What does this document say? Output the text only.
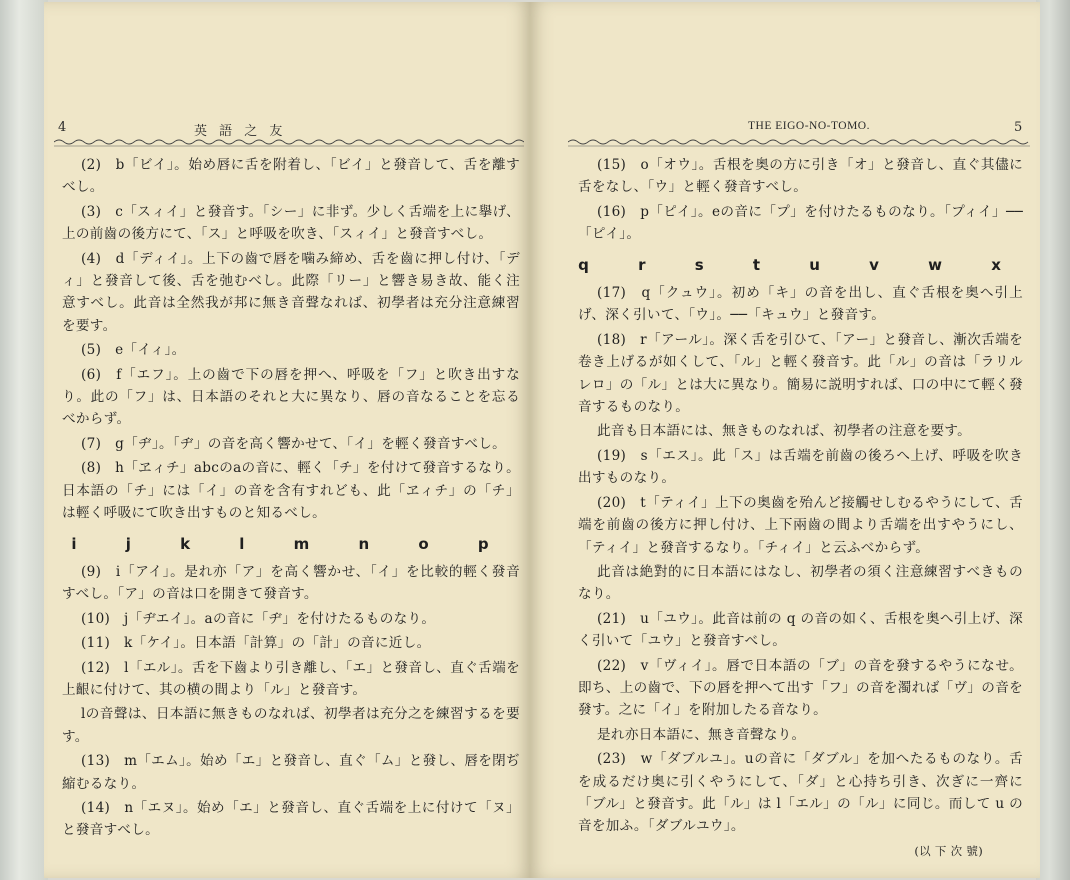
4	英 語 之 友

(2)　b「ビイ」。始め唇に舌を附着し、「ビイ」と發音して、舌を離すべし。

(3)　c「スィイ」と發音す。「シー」に非ず。少しく舌端を上に擧げ、上の前齒の後方にて、「ス」と呼吸を吹き、「スィイ」と發音すべし。

(4)　d「ディイ」。上下の齒で唇を噛み締め、舌を齒に押し付け、「ディ」と發音して後、舌を弛むべし。此際「リー」と響き易き故、能く注意すべし。此音は全然我が邦に無き音聲なれば、初學者は充分注意練習を要す。

(5)　e「イィ」。

(6)　f「エフ」。上の齒で下の唇を押へ、呼吸を「フ」と吹き出すなり。此の「フ」は、日本語のそれと大に異なり、唇の音なることを忘るべからず。

(7)　g「ヂ」。「ヂ」の音を高く響かせて、「イ」を輕く發音すべし。

(8)　h「ヱィチ」abcのaの音に、輕く「チ」を付けて發音するなり。日本語の「チ」には「イ」の音を含有すれども、此「ヱィチ」の「チ」は輕く呼吸にて吹き出すものと知るべし。

i j k l m n o p

(9)　i「アイ」。是れ亦「ア」を高く響かせ、「イ」を比較的輕く發音すべし。「ア」の音は口を開きて發音す。

(10)　j「ヂエイ」。aの音に「ヂ」を付けたるものなり。

(11)　k「ケイ」。日本語「計算」の「計」の音に近し。

(12)　l「エル」。舌を下齒より引き離し、「エ」と發音し、直ぐ舌端を上齦に付けて、其の横の間より「ル」と發音す。

lの音聲は、日本語に無きものなれば、初學者は充分之を練習するを要す。

(13)　m「エム」。始め「エ」と發音し、直ぐ「ム」と發し、唇を閉ぢ縮むるなり。

(14)　n「エヌ」。始め「エ」と發音し、直ぐ舌端を上に付けて「ヌ」と發音すべし。

THE EIGO-NO-TOMO.	5

(15)　o「オウ」。舌根を奥の方に引き「オ」と發音し、直ぐ其儘に舌をなし、「ウ」と輕く發音すべし。

(16)　p「ピイ」。eの音に「プ」を付けたるものなり。「プィイ」──「ピイ」。

q r s t u v w x

(17)　q「クュウ」。初め「キ」の音を出し、直ぐ舌根を奥へ引上げ、深く引いて、「ウ」。──「キュウ」と發音す。

(18)　r「アール」。深く舌を引ひて、「アー」と發音し、漸次舌端を卷き上げるが如くして、「ル」と輕く發音す。此「ル」の音は「ラリルレロ」の「ル」とは大に異なり。簡易に説明すれば、口の中にて輕く發音するものなり。

此音も日本語には、無きものなれば、初學者の注意を要す。

(19)　s「エス」。此「ス」は舌端を前齒の後ろへ上げ、呼吸を吹き出すものなり。

(20)　t「ティイ」上下の奥齒を殆んど接觸せしむるやうにして、舌端を前齒の後方に押し付け、上下兩齒の間より舌端を出すやうにし、「ティイ」と發音するなり。「チィイ」と云ふべからず。

此音は絶對的に日本語にはなし、初學者の須く注意練習すべきものなり。

(21)　u「ユウ」。此音は前の q の音の如く、舌根を奥へ引上げ、深く引いて「ユウ」と發音すべし。

(22)　v「ヴィイ」。唇で日本語の「ブ」の音を發するやうになせ。即ち、上の齒で、下の唇を押へて出す「フ」の音を濁れば「ヴ」の音を發す。之に「イ」を附加したる音なり。

是れ亦日本語に、無き音聲なり。

(23)　w「ダブルユ」。uの音に「ダブル」を加へたるものなり。舌を成るだけ奥に引くやうにして、「ダ」と心持ち引き、次ぎに一齊に「ブル」と發音す。此「ル」は l「エル」の「ル」に同じ。而して u の音を加ふ。「ダブルユウ」。

(以 下 次 號)
